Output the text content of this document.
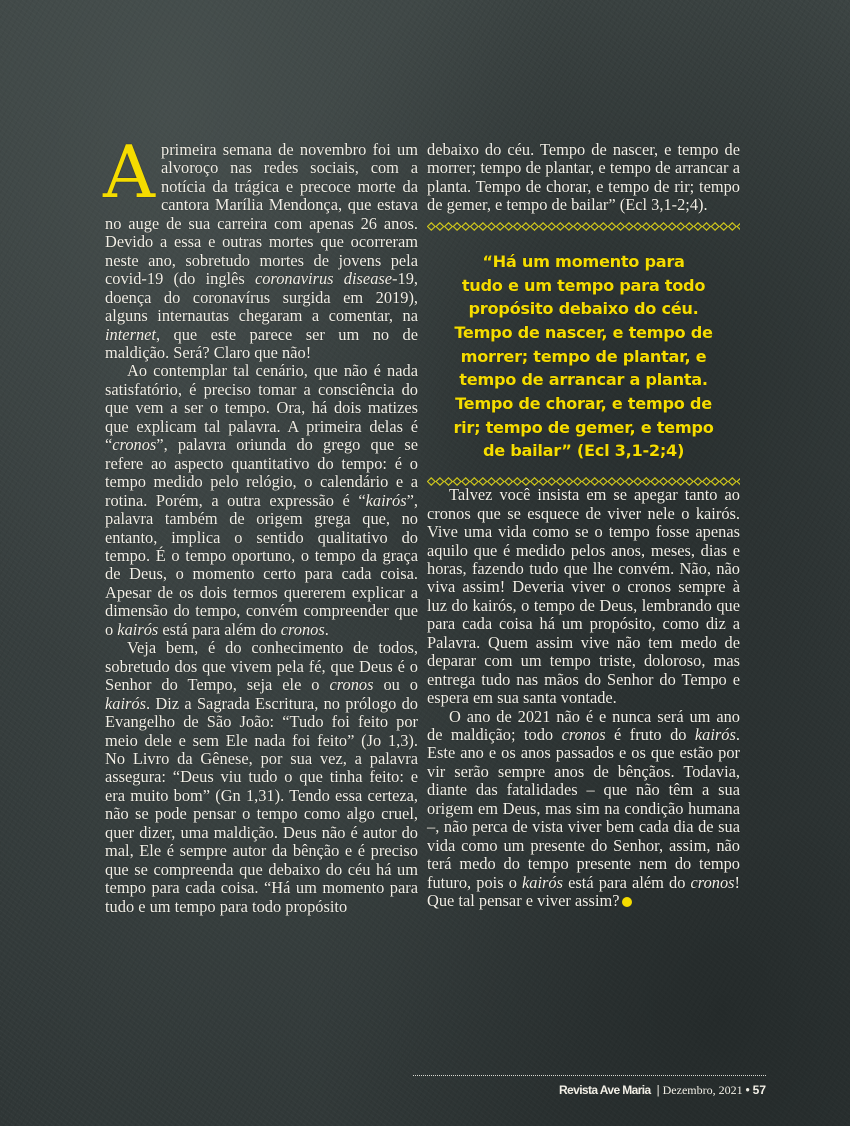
Aprimeira semana de novembro foi um alvoroço nas redes sociais, com a notícia da trágica e precoce morte da cantora Marília Mendonça, que estava no auge de sua carreira com apenas 26 anos. Devido a essa e outras mortes que ocorreram neste ano, sobretudo mortes de jovens pela covid-19 (do inglês coronavirus disease-19, doença do coronavírus surgida em 2019), alguns internautas chegaram a comentar, na internet, que este parece ser um no de maldição. Será? Claro que não!

Ao contemplar tal cenário, que não é nada satisfatório, é preciso tomar a consciência do que vem a ser o tempo. Ora, há dois matizes que explicam tal palavra. A primeira delas é “cronos”, palavra oriunda do grego que se refere ao aspecto quantitativo do tempo: é o tempo medido pelo relógio, o calendário e a rotina. Porém, a outra expressão é “kairós”, palavra também de origem grega que, no entanto, implica o sentido qualitativo do tempo. É o tempo oportuno, o tempo da graça de Deus, o momento certo para cada coisa. Apesar de os dois termos quererem explicar a dimensão do tempo, convém compreender que o kairós está para além do cronos.

Veja bem, é do conhecimento de todos, sobretudo dos que vivem pela fé, que Deus é o Senhor do Tempo, seja ele o cronos ou o kairós. Diz a Sagrada Escritura, no prólogo do Evangelho de São João: “Tudo foi feito por meio dele e sem Ele nada foi feito” (Jo 1,3). No Livro da Gênese, por sua vez, a palavra assegura: “Deus viu tudo o que tinha feito: e era muito bom” (Gn 1,31). Tendo essa certeza, não se pode pensar o tempo como algo cruel, quer dizer, uma maldição. Deus não é autor do mal, Ele é sempre autor da bênção e é preciso que se compreenda que debaixo do céu há um tempo para cada coisa. “Há um momento para tudo e um tempo para todo propósito

debaixo do céu. Tempo de nascer, e tempo de morrer; tempo de plantar, e tempo de arrancar a planta. Tempo de chorar, e tempo de rir; tempo de gemer, e tempo de bailar” (Ecl 3,1-2;4).

“Há um momento para
tudo e um tempo para todo
propósito debaixo do céu.
Tempo de nascer, e tempo de
morrer; tempo de plantar, e
tempo de arrancar a planta.
Tempo de chorar, e tempo de
rir; tempo de gemer, e tempo
de bailar” (Ecl 3,1-2;4)

Talvez você insista em se apegar tanto ao cronos que se esquece de viver nele o kairós. Vive uma vida como se o tempo fosse apenas aquilo que é medido pelos anos, meses, dias e horas, fazendo tudo que lhe convém. Não, não viva assim! Deveria viver o cronos sempre à luz do kairós, o tempo de Deus, lembrando que para cada coisa há um propósito, como diz a Palavra. Quem assim vive não tem medo de deparar com um tempo triste, doloroso, mas entrega tudo nas mãos do Senhor do Tempo e espera em sua santa vontade.

O ano de 2021 não é e nunca será um ano de maldição; todo cronos é fruto do kairós. Este ano e os anos passados e os que estão por vir serão sempre anos de bênçãos. Todavia, diante das fatalidades – que não têm a sua origem em Deus, mas sim na condição humana –, não perca de vista viver bem cada dia de sua vida como um presente do Senhor, assim, não terá medo do tempo presente nem do tempo futuro, pois o kairós está para além do cronos! Que tal pensar e viver assim?

Revista Ave Maria | Dezembro, 2021 • 57
